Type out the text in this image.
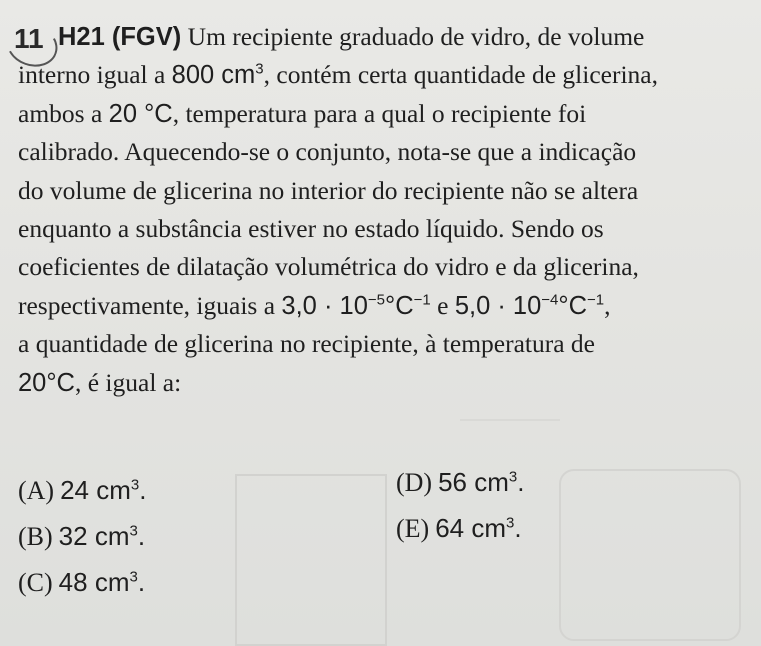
11 H21 (FGV) Um recipiente graduado de vidro, de volume
interno igual a 800 $cm^3$, contém certa quantidade de glicerina,
ambos a 20 °C, temperatura para a qual o recipiente foi
calibrado. Aquecendo-se o conjunto, nota-se que a indicação
do volume de glicerina no interior do recipiente não se altera
enquanto a substância estiver no estado líquido. Sendo os
coeficientes de dilatação volumétrica do vidro e da glicerina,
respectivamente, iguais a $3,0 \cdot 10^{-5}^\circ C^{-1}$ e $5,0 \cdot 10^{-4}^\circ C^{-1}$,
a quantidade de glicerina no recipiente, à temperatura de
20°C, é igual a:
(A) 24 $cm^3$.
(B) 32 $cm^3$.
(C) 48 $cm^3$.
(D) 56 $cm^3$.
(E) 64 $cm^3$.
